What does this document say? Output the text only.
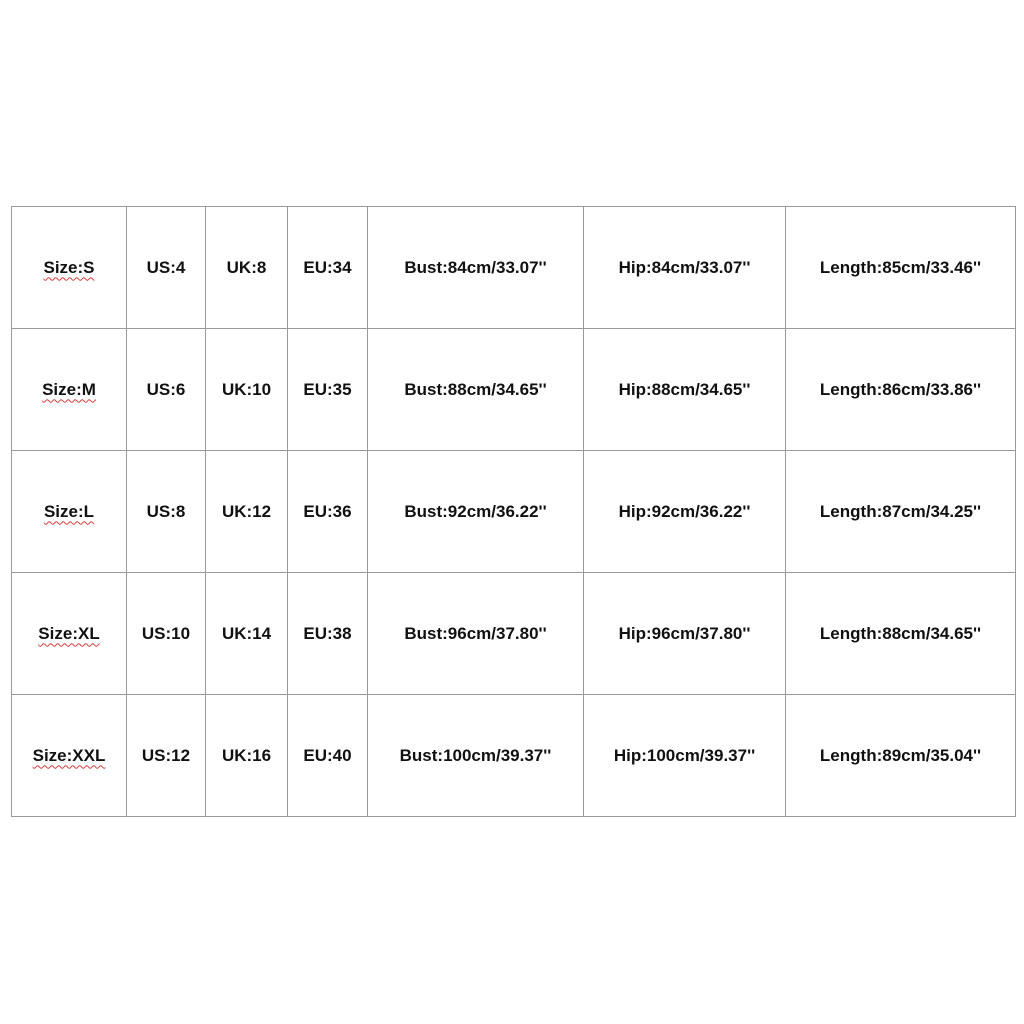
Size:S	US:4	UK:8	EU:34	Bust:84cm/33.07''	Hip:84cm/33.07''	Length:85cm/33.46''
Size:M	US:6	UK:10	EU:35	Bust:88cm/34.65''	Hip:88cm/34.65''	Length:86cm/33.86''
Size:L	US:8	UK:12	EU:36	Bust:92cm/36.22''	Hip:92cm/36.22''	Length:87cm/34.25''
Size:XL	US:10	UK:14	EU:38	Bust:96cm/37.80''	Hip:96cm/37.80''	Length:88cm/34.65''
Size:XXL	US:12	UK:16	EU:40	Bust:100cm/39.37''	Hip:100cm/39.37''	Length:89cm/35.04''
